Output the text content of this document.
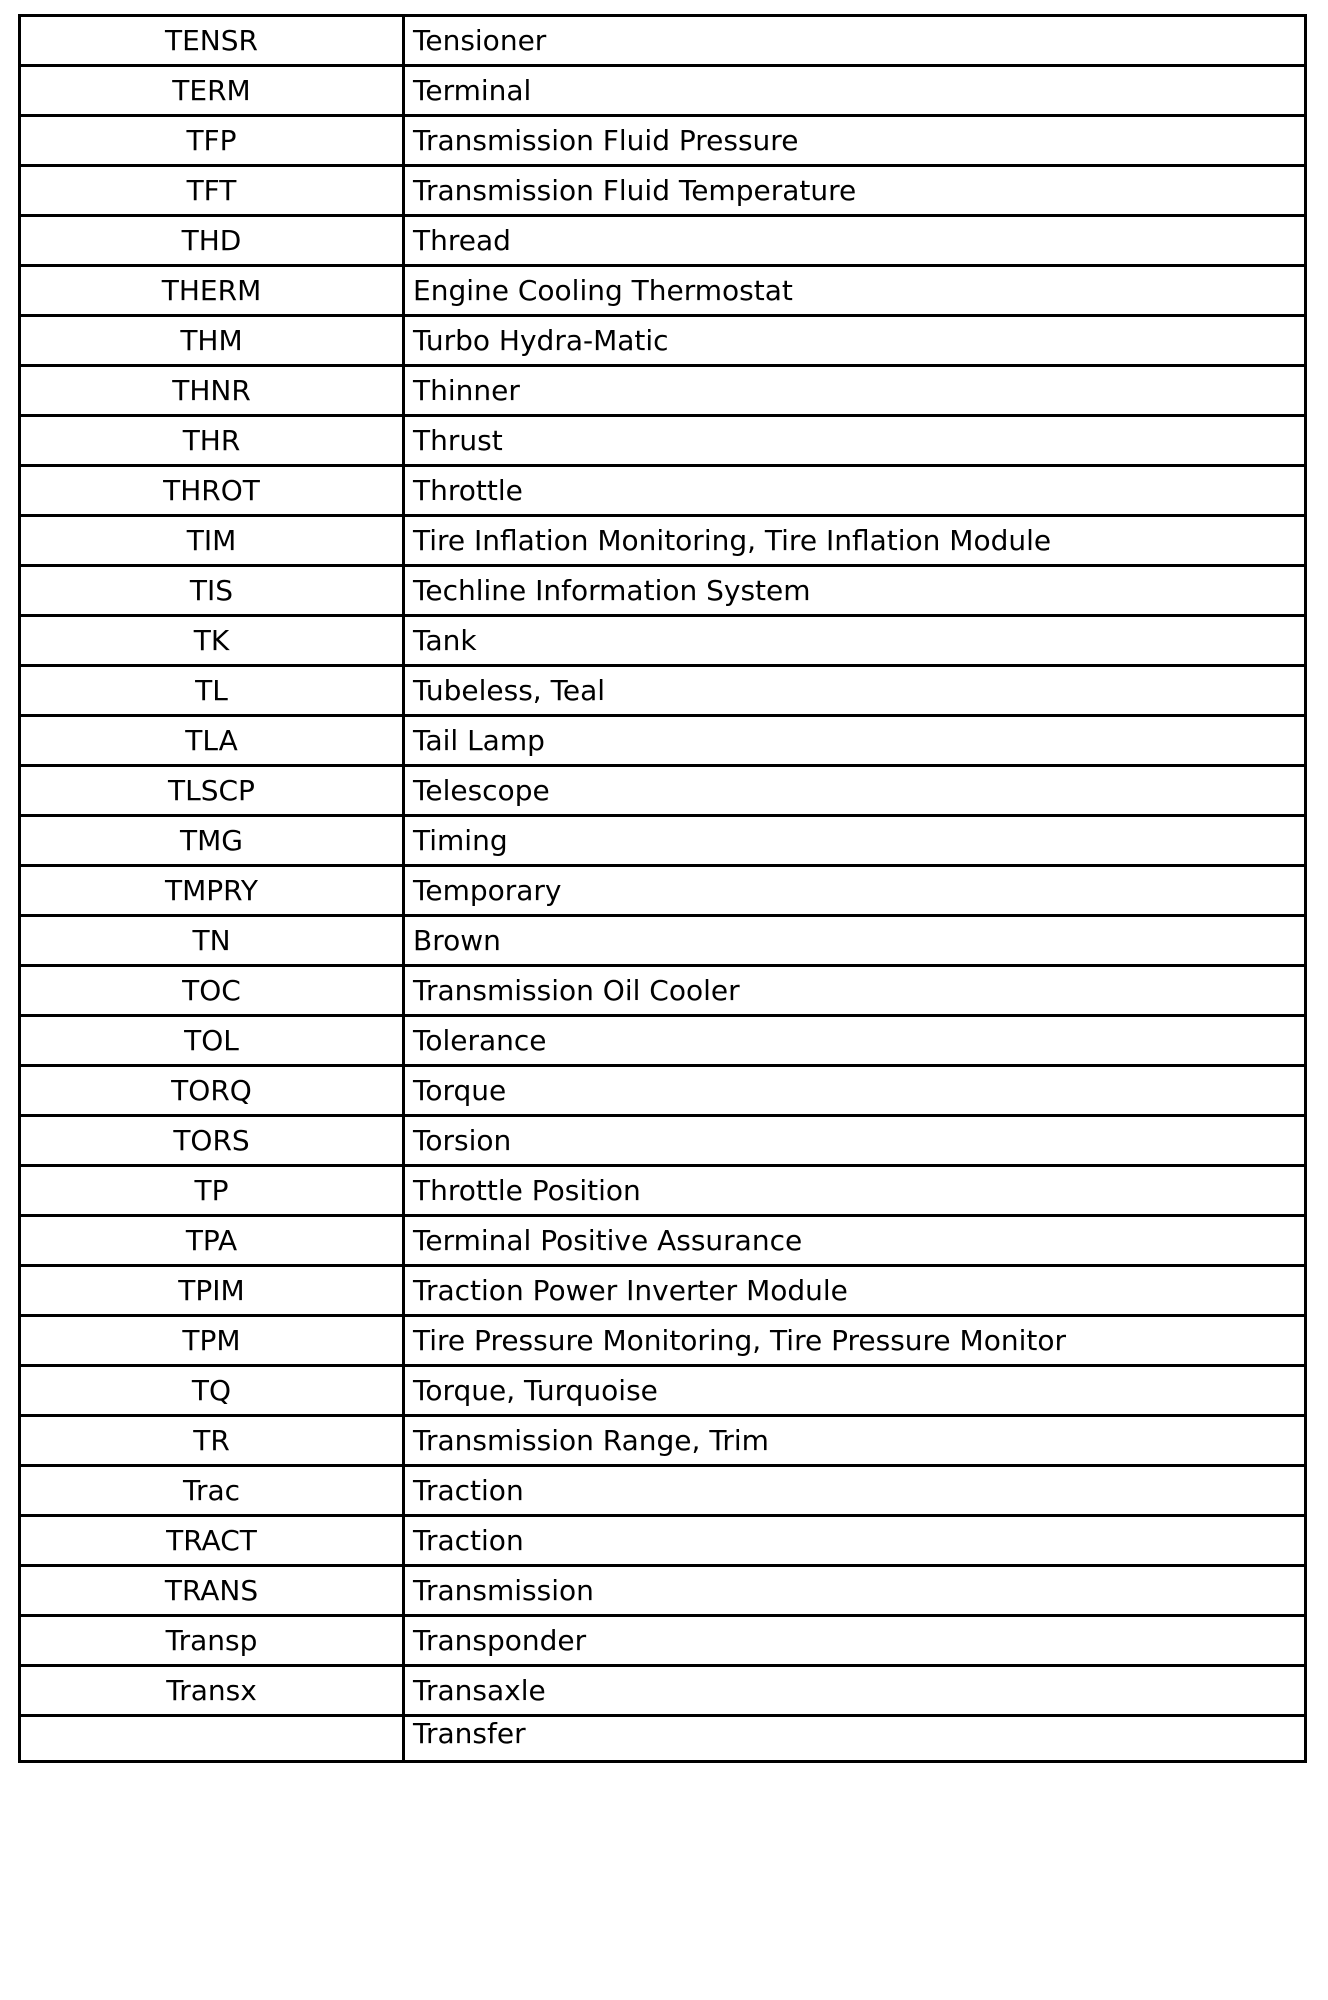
TENSR	Tensioner
TERM	Terminal
TFP	Transmission Fluid Pressure
TFT	Transmission Fluid Temperature
THD	Thread
THERM	Engine Cooling Thermostat
THM	Turbo Hydra-Matic
THNR	Thinner
THR	Thrust
THROT	Throttle
TIM	Tire Inflation Monitoring, Tire Inflation Module
TIS	Techline Information System
TK	Tank
TL	Tubeless, Teal
TLA	Tail Lamp
TLSCP	Telescope
TMG	Timing
TMPRY	Temporary
TN	Brown
TOC	Transmission Oil Cooler
TOL	Tolerance
TORQ	Torque
TORS	Torsion
TP	Throttle Position
TPA	Terminal Positive Assurance
TPIM	Traction Power Inverter Module
TPM	Tire Pressure Monitoring, Tire Pressure Monitor
TQ	Torque, Turquoise
TR	Transmission Range, Trim
Trac	Traction
TRACT	Traction
TRANS	Transmission
Transp	Transponder
Transx	Transaxle
	Transfer
